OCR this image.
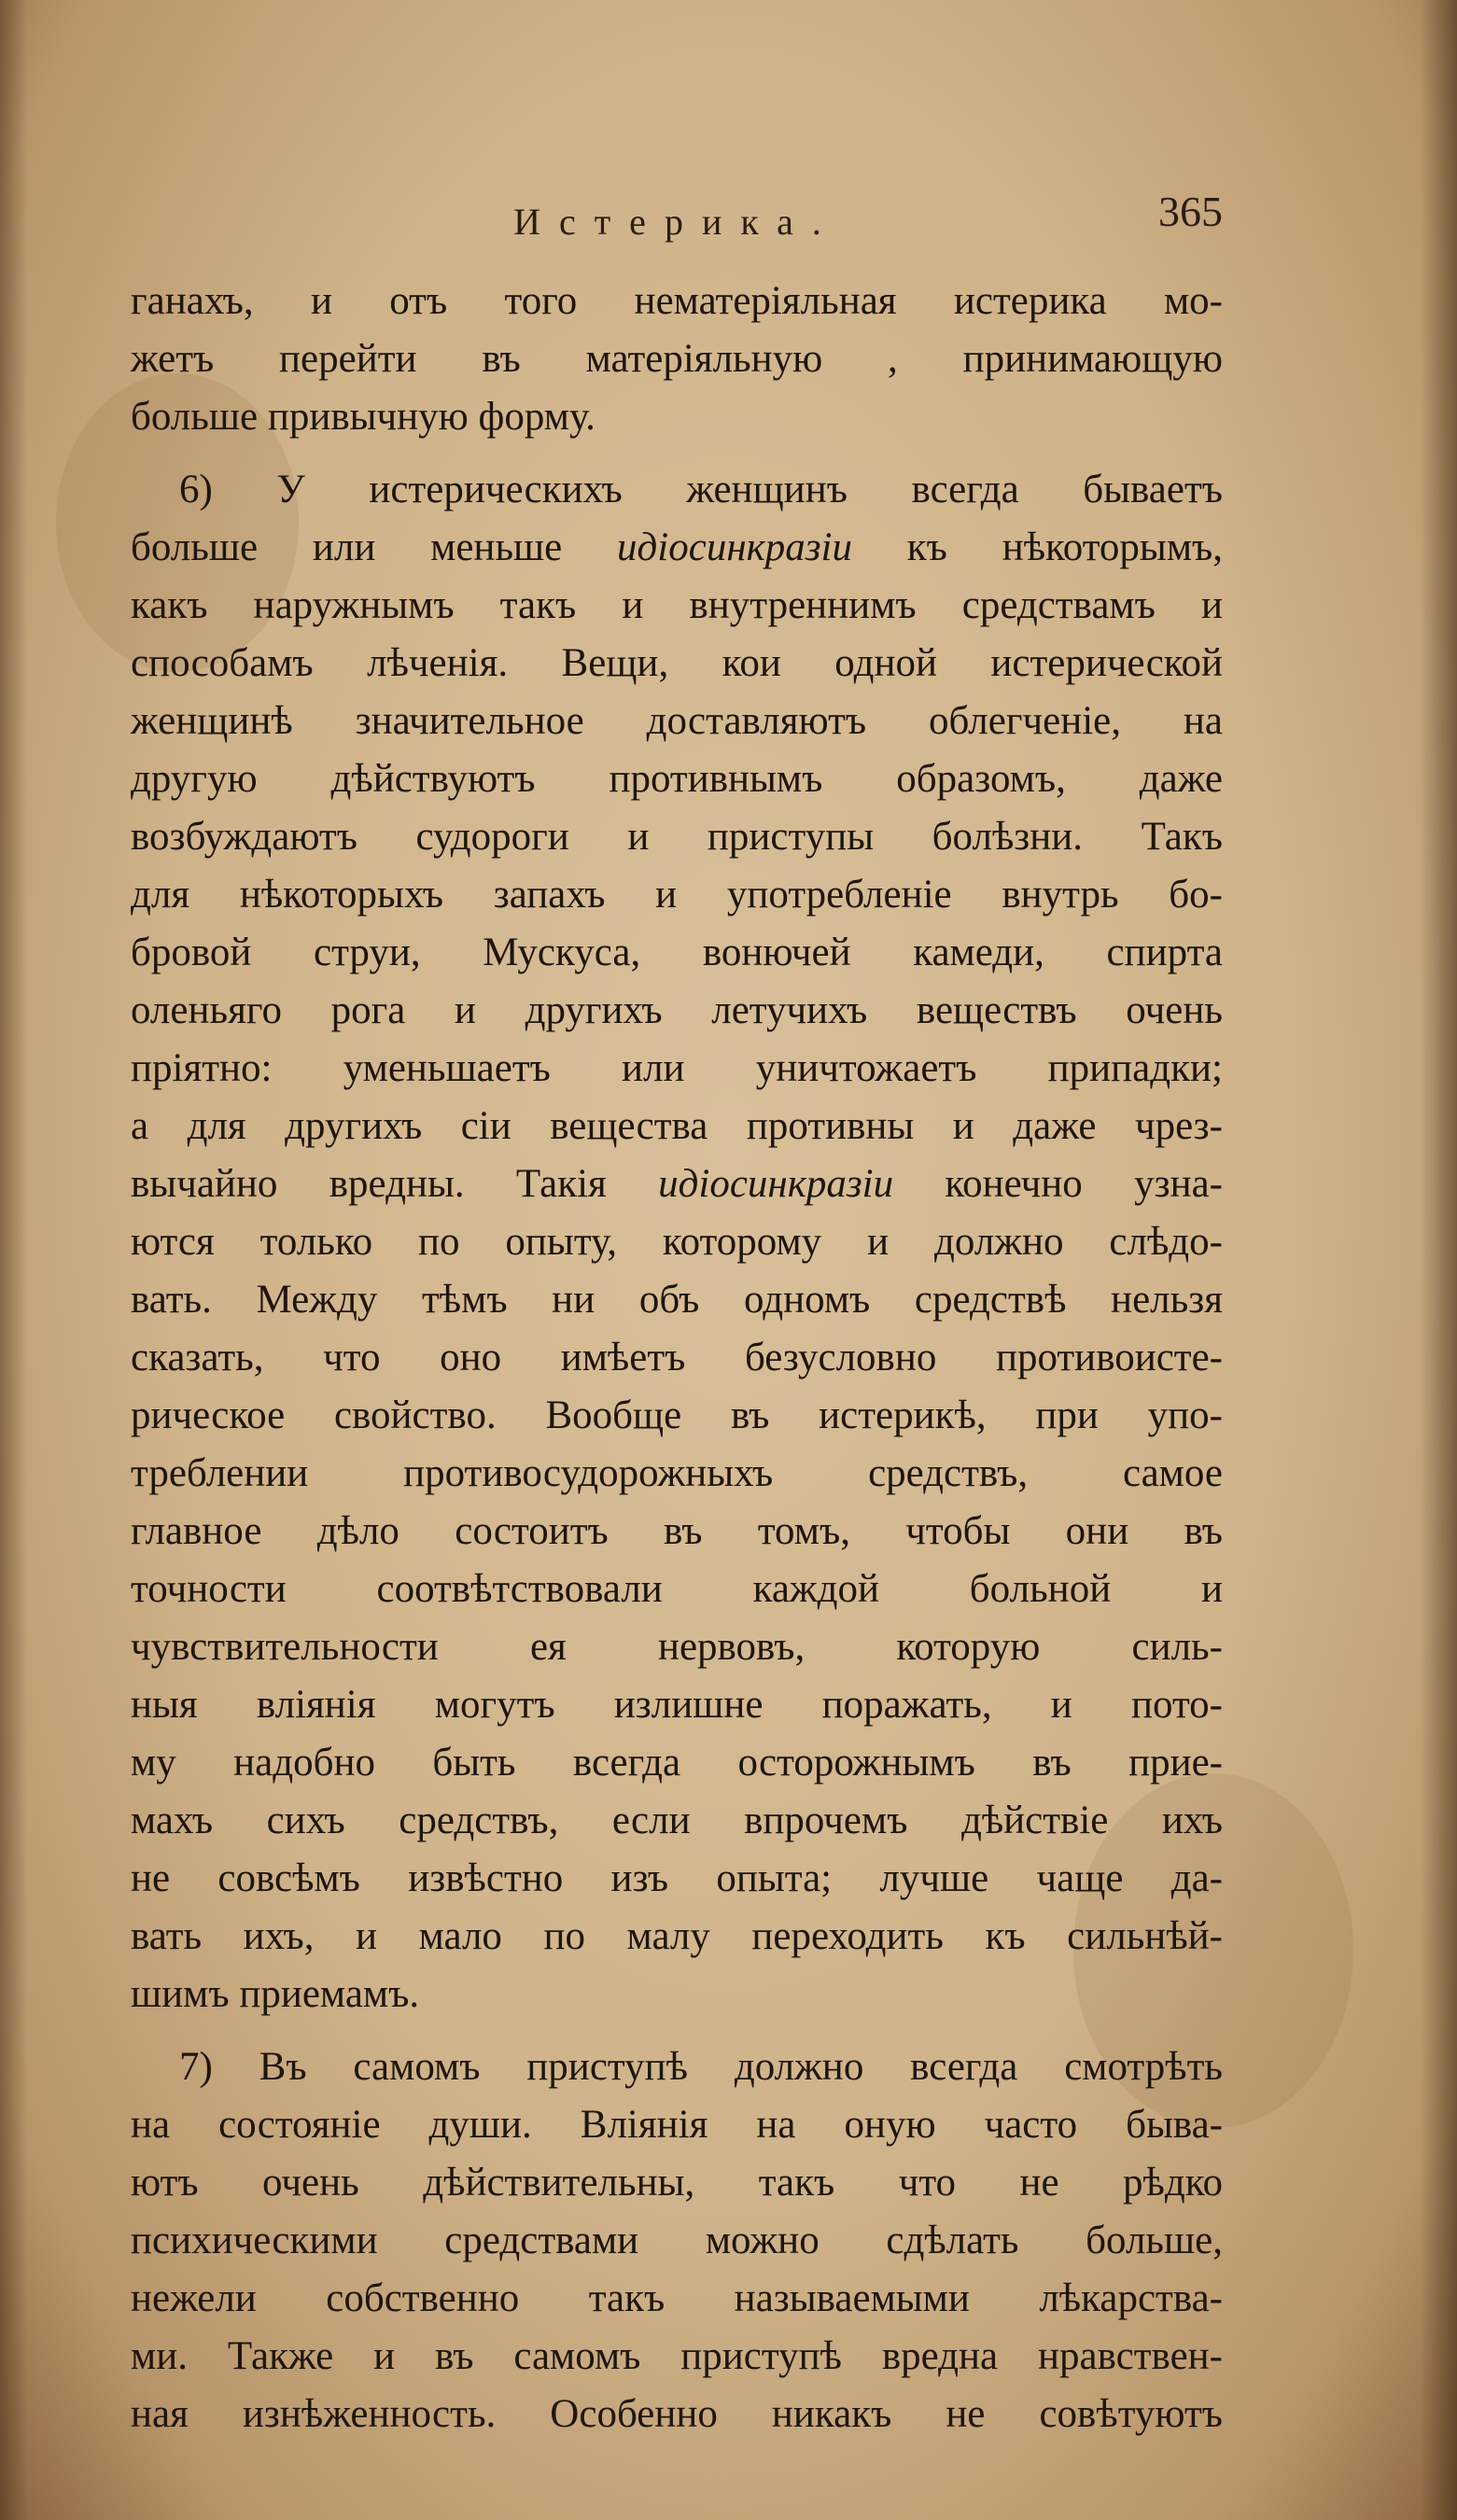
Истерика.	365
ганахъ, и отъ того нематеріяльная истерика мо-
жетъ перейти въ матеріяльную , принимающую
больше привычную форму.
6) У истерическихъ женщинъ всегда бываетъ
больше или меньше идіосинкразіи къ нѣкоторымъ,
какъ наружнымъ такъ и внутреннимъ средствамъ и
способамъ лѣченія. Вещи, кои одной истерической
женщинѣ значительное доставляютъ облегченіе, на
другую дѣйствуютъ противнымъ образомъ, даже
возбуждаютъ судороги и приступы болѣзни. Такъ
для нѣкоторыхъ запахъ и употребленіе внутрь бо-
бровой струи, Мускуса, вонючей камеди, спирта
оленьяго рога и другихъ летучихъ веществъ очень
пріятно: уменьшаетъ или уничтожаетъ припадки;
а для другихъ сіи вещества противны и даже чрез-
вычайно вредны. Такія идіосинкразіи конечно узна-
ются только по опыту, которому и должно слѣдо-
вать. Между тѣмъ ни объ одномъ средствѣ нельзя
сказать, что оно имѣетъ безусловно противоисте-
рическое свойство. Вообще въ истерикѣ, при упо-
треблении противосудорожныхъ средствъ, самое
главное дѣло состоитъ въ томъ, чтобы они въ
точности соотвѣтствовали каждой больной и
чувствительности ея нервовъ, которую силь-
ныя вліянія могутъ излишне поражать, и пото-
му надобно быть всегда осторожнымъ въ прие-
махъ сихъ средствъ, если впрочемъ дѣйствіе ихъ
не совсѣмъ извѣстно изъ опыта; лучше чаще да-
вать ихъ, и мало по малу переходить къ сильнѣй-
шимъ приемамъ.
7) Въ самомъ приступѣ должно всегда смотрѣть
на состояніе души. Вліянія на оную часто быва-
ютъ очень дѣйствительны, такъ что не рѣдко
психическими средствами можно сдѣлать больше,
нежели собственно такъ называемыми лѣкарства-
ми. Также и въ самомъ приступѣ вредна нравствен-
ная изнѣженность. Особенно никакъ не совѣтуютъ
